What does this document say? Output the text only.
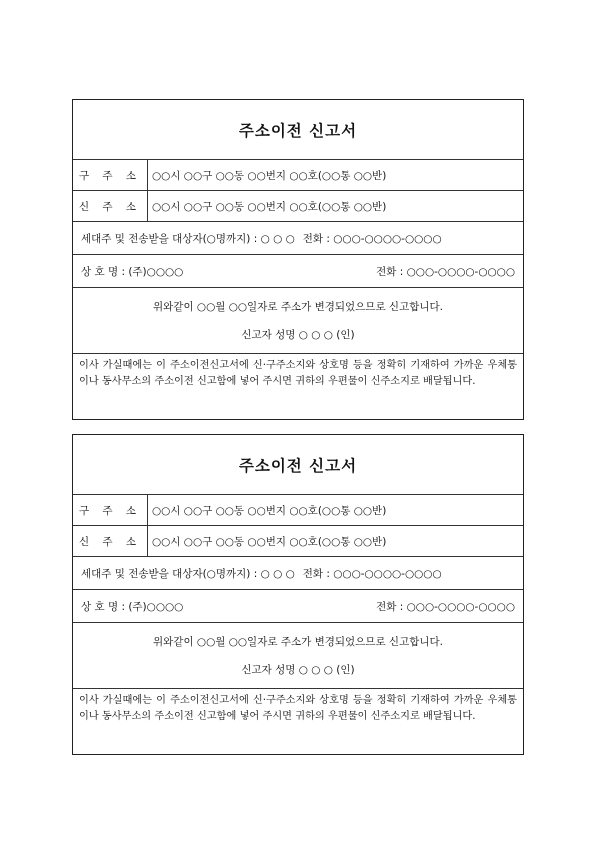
주소이전 신고서
구 주 소	○○시 ○○구 ○○동 ○○번지 ○○호(○○통 ○○반)
신 주 소	○○시 ○○구 ○○동 ○○번지 ○○호(○○통 ○○반)
세대주 및 전송받을 대상자(○명까지) : ○ ○ ○ 전화 : ○○○-○○○○-○○○○
상 호 명 : (주)○○○○	전화 : ○○○-○○○○-○○○○
위와같이 ○○월 ○○일자로 주소가 변경되었으므로 신고합니다.
신고자 성명 ○ ○ ○ (인)
이사 가실때에는 이 주소이전신고서에 신·구주소지와 상호명 등을 정확히 기재하여 가까운 우체통이나 동사무소의 주소이전 신고함에 넣어 주시면 귀하의 우편물이 신주소지로 배달됩니다.
주소이전 신고서
구 주 소	○○시 ○○구 ○○동 ○○번지 ○○호(○○통 ○○반)
신 주 소	○○시 ○○구 ○○동 ○○번지 ○○호(○○통 ○○반)
세대주 및 전송받을 대상자(○명까지) : ○ ○ ○ 전화 : ○○○-○○○○-○○○○
상 호 명 : (주)○○○○	전화 : ○○○-○○○○-○○○○
위와같이 ○○월 ○○일자로 주소가 변경되었으므로 신고합니다.
신고자 성명 ○ ○ ○ (인)
이사 가실때에는 이 주소이전신고서에 신·구주소지와 상호명 등을 정확히 기재하여 가까운 우체통이나 동사무소의 주소이전 신고함에 넣어 주시면 귀하의 우편물이 신주소지로 배달됩니다.
